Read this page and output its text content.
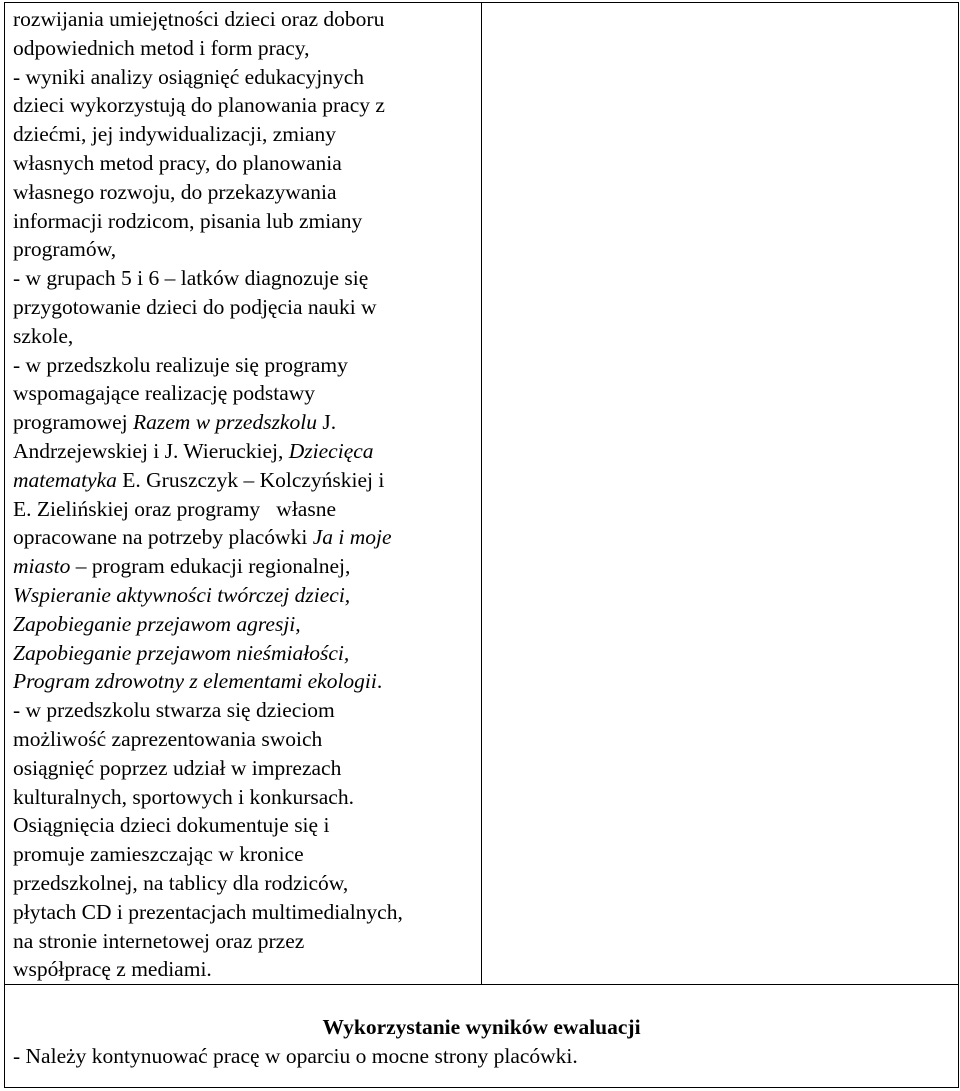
rozwijania umiejętności dzieci oraz doboru
odpowiednich metod i form pracy,
- wyniki analizy osiągnięć edukacyjnych
dzieci wykorzystują do planowania pracy z
dziećmi, jej indywidualizacji, zmiany
własnych metod pracy, do planowania
własnego rozwoju, do przekazywania
informacji rodzicom, pisania lub zmiany
programów,
- w grupach 5 i 6 – latków diagnozuje się
przygotowanie dzieci do podjęcia nauki w
szkole,
- w przedszkolu realizuje się programy
wspomagające realizację podstawy
programowej Razem w przedszkolu J.
Andrzejewskiej i J. Wieruckiej, Dziecięca
matematyka E. Gruszczyk – Kolczyńskiej i
E. Zielińskiej oraz programy   własne
opracowane na potrzeby placówki Ja i moje
miasto – program edukacji regionalnej,
Wspieranie aktywności twórczej dzieci,
Zapobieganie przejawom agresji,
Zapobieganie przejawom nieśmiałości,
Program zdrowotny z elementami ekologii.
- w przedszkolu stwarza się dzieciom
możliwość zaprezentowania swoich
osiągnięć poprzez udział w imprezach
kulturalnych, sportowych i konkursach.
Osiągnięcia dzieci dokumentuje się i
promuje zamieszczając w kronice
przedszkolnej, na tablicy dla rodziców,
płytach CD i prezentacjach multimedialnych,
na stronie internetowej oraz przez
współpracę z mediami.

Wykorzystanie wyników ewaluacji

- Należy kontynuować pracę w oparciu o mocne strony placówki.
